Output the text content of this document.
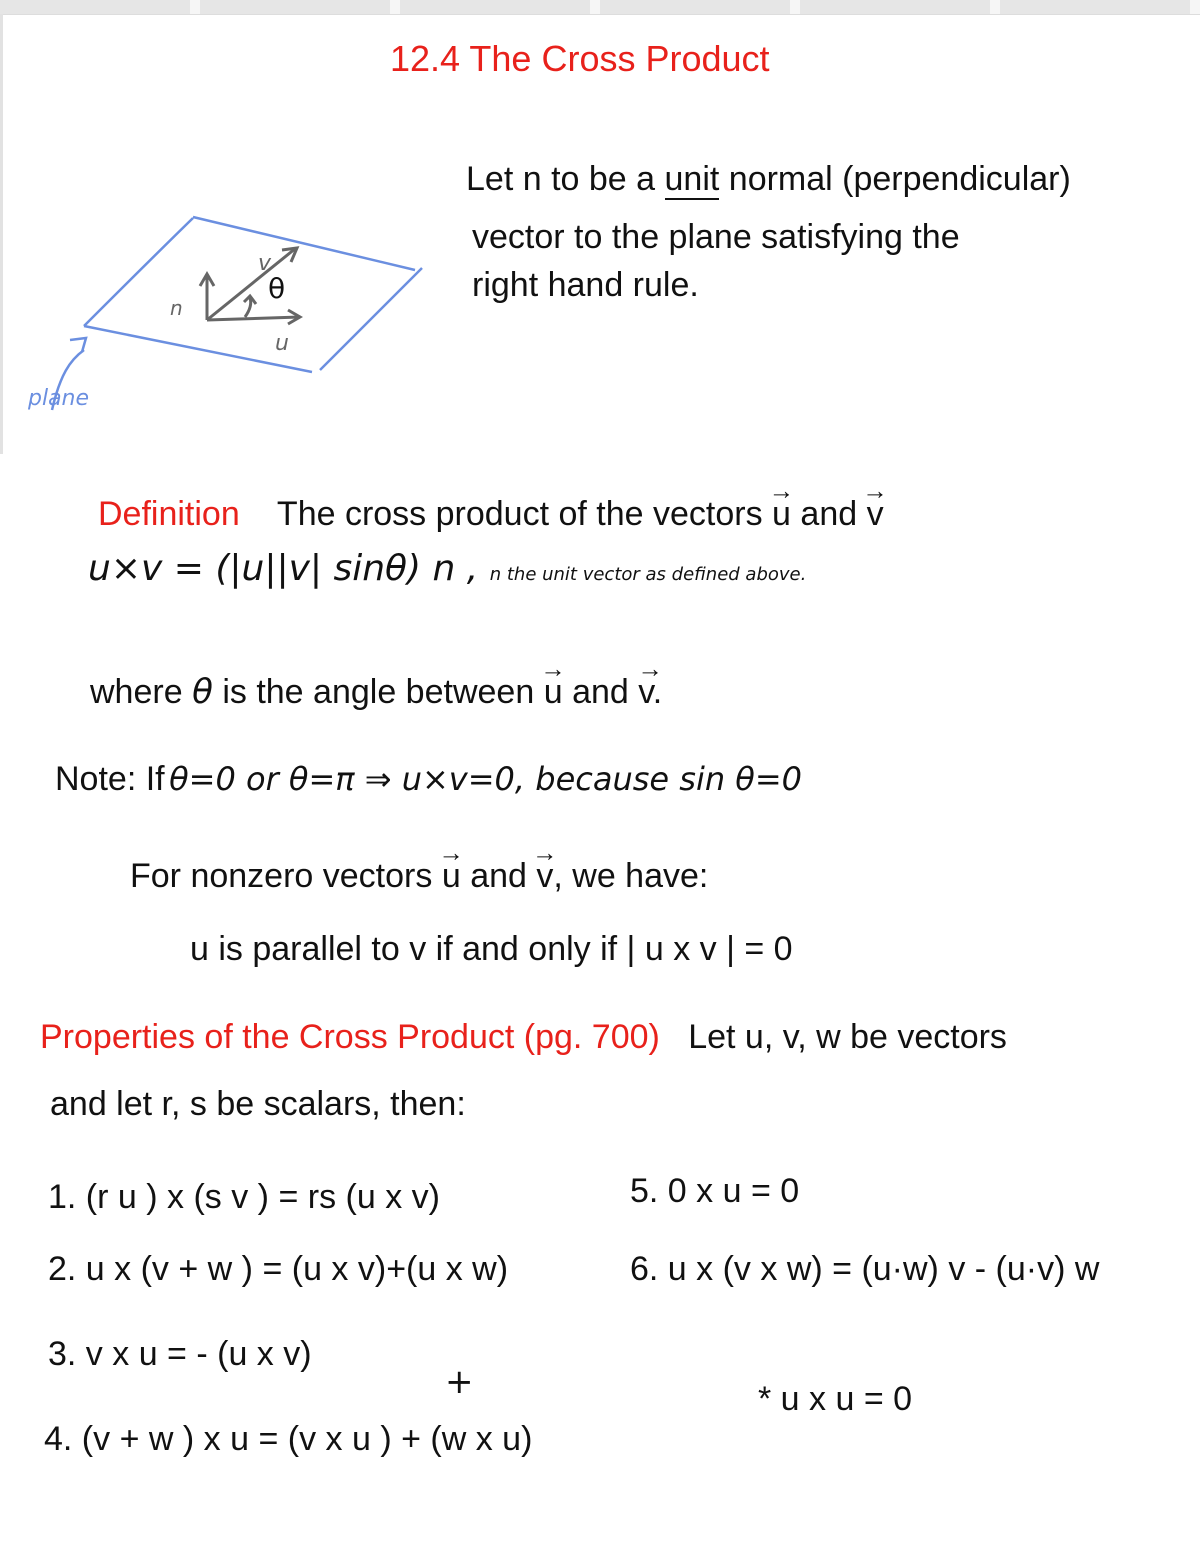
12.4 The Cross Product
plane
v
n
u
θ
Let n to be a unit normal (perpendicular)
vector to the plane satisfying the
right hand rule.
Definition The cross product of the vectors → u and → v
u×v = (|u||v| sinθ) n , n the unit vector as defined above.
where θ is the angle between → u and → v.
Note: If θ=0 or θ=π ⇒ u×v=0, because sin θ=0
For nonzero vectors → u and → v, we have:
u is parallel to v if and only if | u x v | = 0
Properties of the Cross Product (pg. 700) Let u, v, w be vectors
and let r, s be scalars, then:
1. (r u ) x (s v ) = rs (u x v)
2. u x (v + w ) = (u x v)+(u x w)
3. v x u = - (u x v)
+
4. (v + w ) x u = (v x u ) + (w x u)
5. 0 x u = 0
6. u x (v x w) = (u·w) v - (u·v) w
* u x u = 0
